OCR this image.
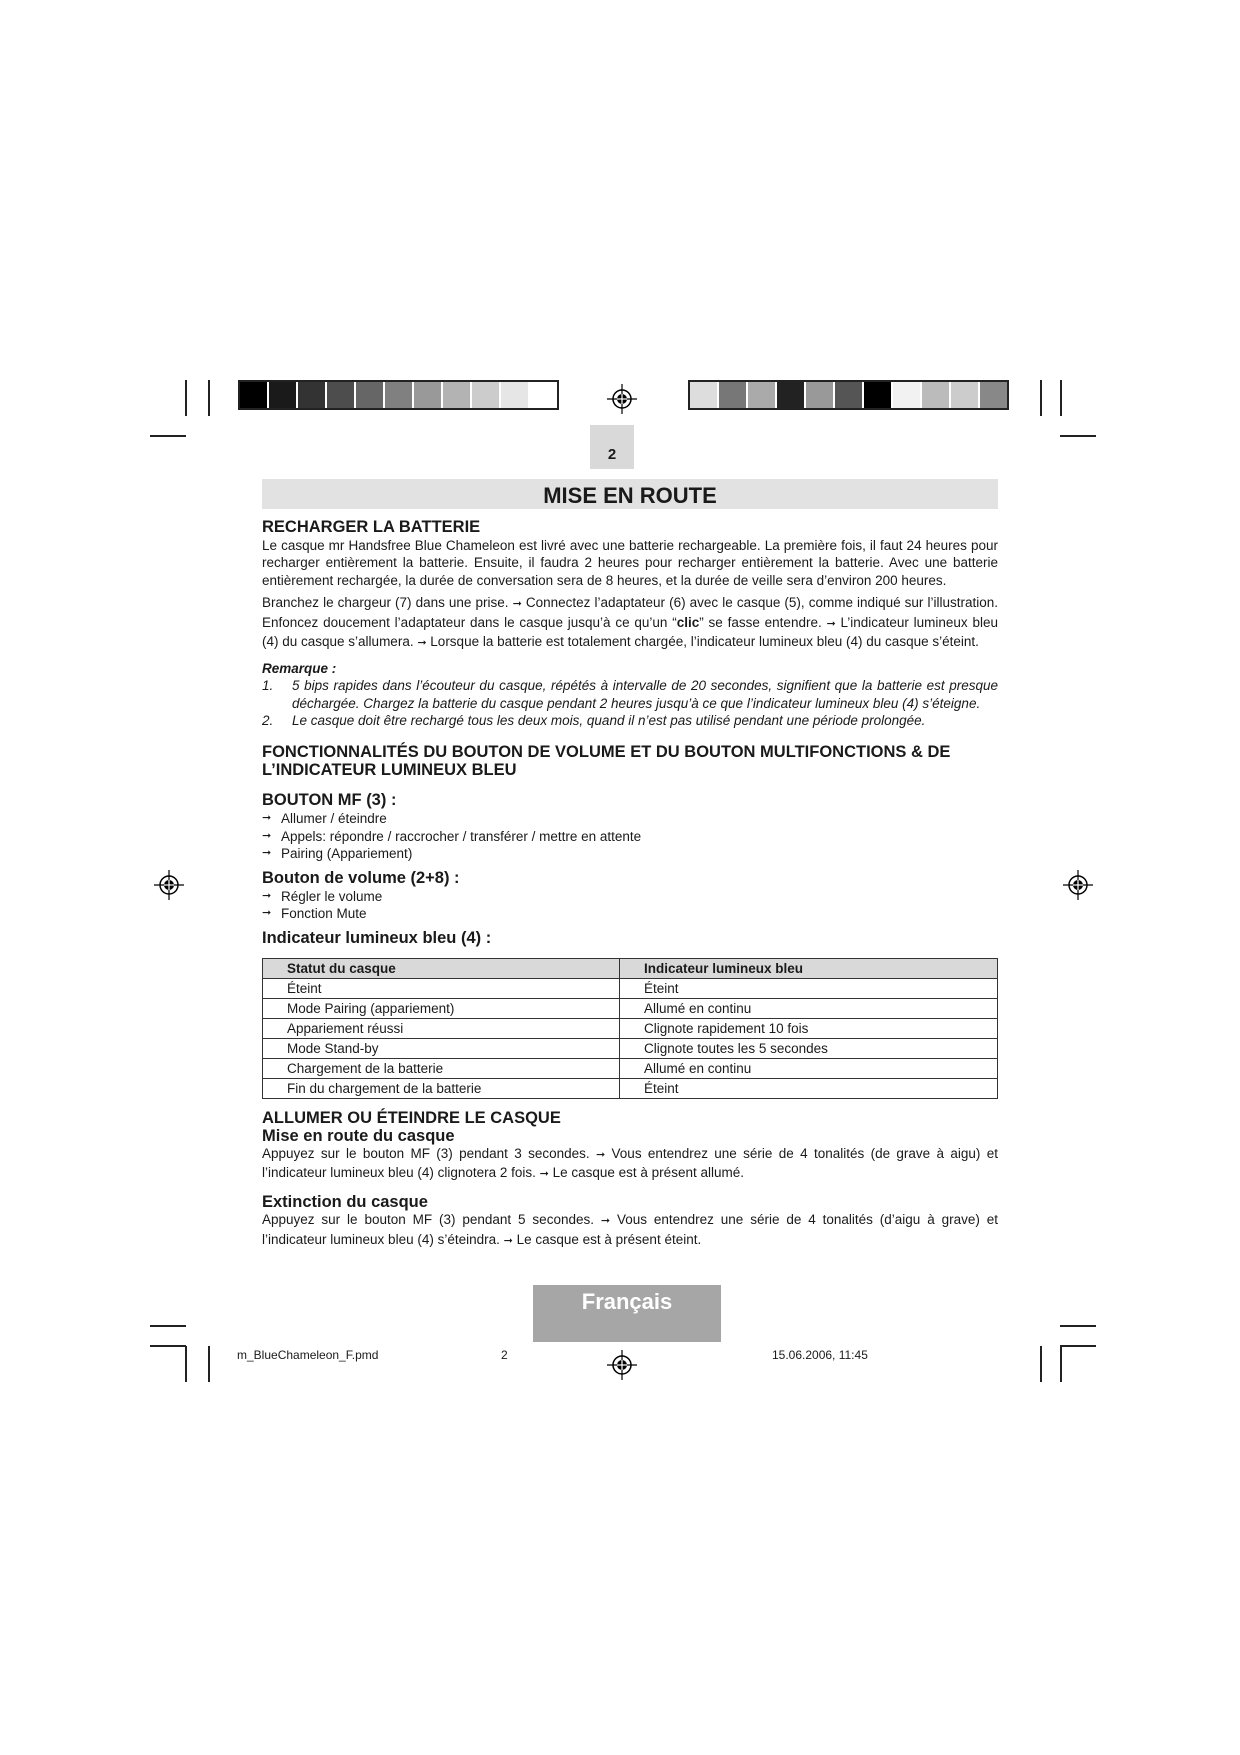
2
MISE EN ROUTE
RECHARGER LA BATTERIE

Le casque mr Handsfree Blue Chameleon est livré avec une batterie rechargeable. La première fois, il faut 24 heures pour recharger entièrement la batterie. Ensuite, il faudra 2 heures pour recharger entièrement la batterie. Avec une batterie entièrement rechargée, la durée de conversation sera de 8 heures, et la durée de veille sera d’environ 200 heures.

Branchez le chargeur (7) dans une prise. ➞ Connectez l’adaptateur (6) avec le casque (5), comme indiqué sur l’illustration. Enfoncez doucement l’adaptateur dans le casque jusqu’à ce qu’un “clic” se fasse entendre. ➞ L’indicateur lumineux bleu (4) du casque s’allumera. ➞ Lorsque la batterie est totalement chargée, l’indicateur lumineux bleu (4) du casque s’éteint.

Remarque :
1. 5 bips rapides dans l’écouteur du casque, répétés à intervalle de 20 secondes, signifient que la batterie est presque déchargée. Chargez la batterie du casque pendant 2 heures jusqu’à ce que l’indicateur lumineux bleu (4) s’éteigne.
2. Le casque doit être rechargé tous les deux mois, quand il n’est pas utilisé pendant une période prolongée.
FONCTIONNALITÉS DU BOUTON DE VOLUME ET DU BOUTON MULTIFONCTIONS & DE L’INDICATEUR LUMINEUX BLEU
BOUTON MF (3) :
➞ Allumer / éteindre
➞ Appels: répondre / raccrocher / transférer / mettre en attente
➞ Pairing (Appariement)
Bouton de volume (2+8) :
➞ Régler le volume
➞ Fonction Mute
Indicateur lumineux bleu (4) :
Statut du casque	Indicateur lumineux bleu
Éteint	Éteint
Mode Pairing (appariement)	Allumé en continu
Appariement réussi	Clignote rapidement 10 fois
Mode Stand-by	Clignote toutes les 5 secondes
Chargement de la batterie	Allumé en continu
Fin du chargement de la batterie	Éteint
ALLUMER OU ÉTEINDRE LE CASQUE
Mise en route du casque

Appuyez sur le bouton MF (3) pendant 3 secondes. ➞ Vous entendrez une série de 4 tonalités (de grave à aigu) et l’indicateur lumineux bleu (4) clignotera 2 fois. ➞ Le casque est à présent allumé.

Extinction du casque

Appuyez sur le bouton MF (3) pendant 5 secondes. ➞ Vous entendrez une série de 4 tonalités (d’aigu à grave) et l’indicateur lumineux bleu (4) s’éteindra. ➞ Le casque est à présent éteint.

Français
m_BlueChameleon_F.pmd	2	15.06.2006, 11:45
